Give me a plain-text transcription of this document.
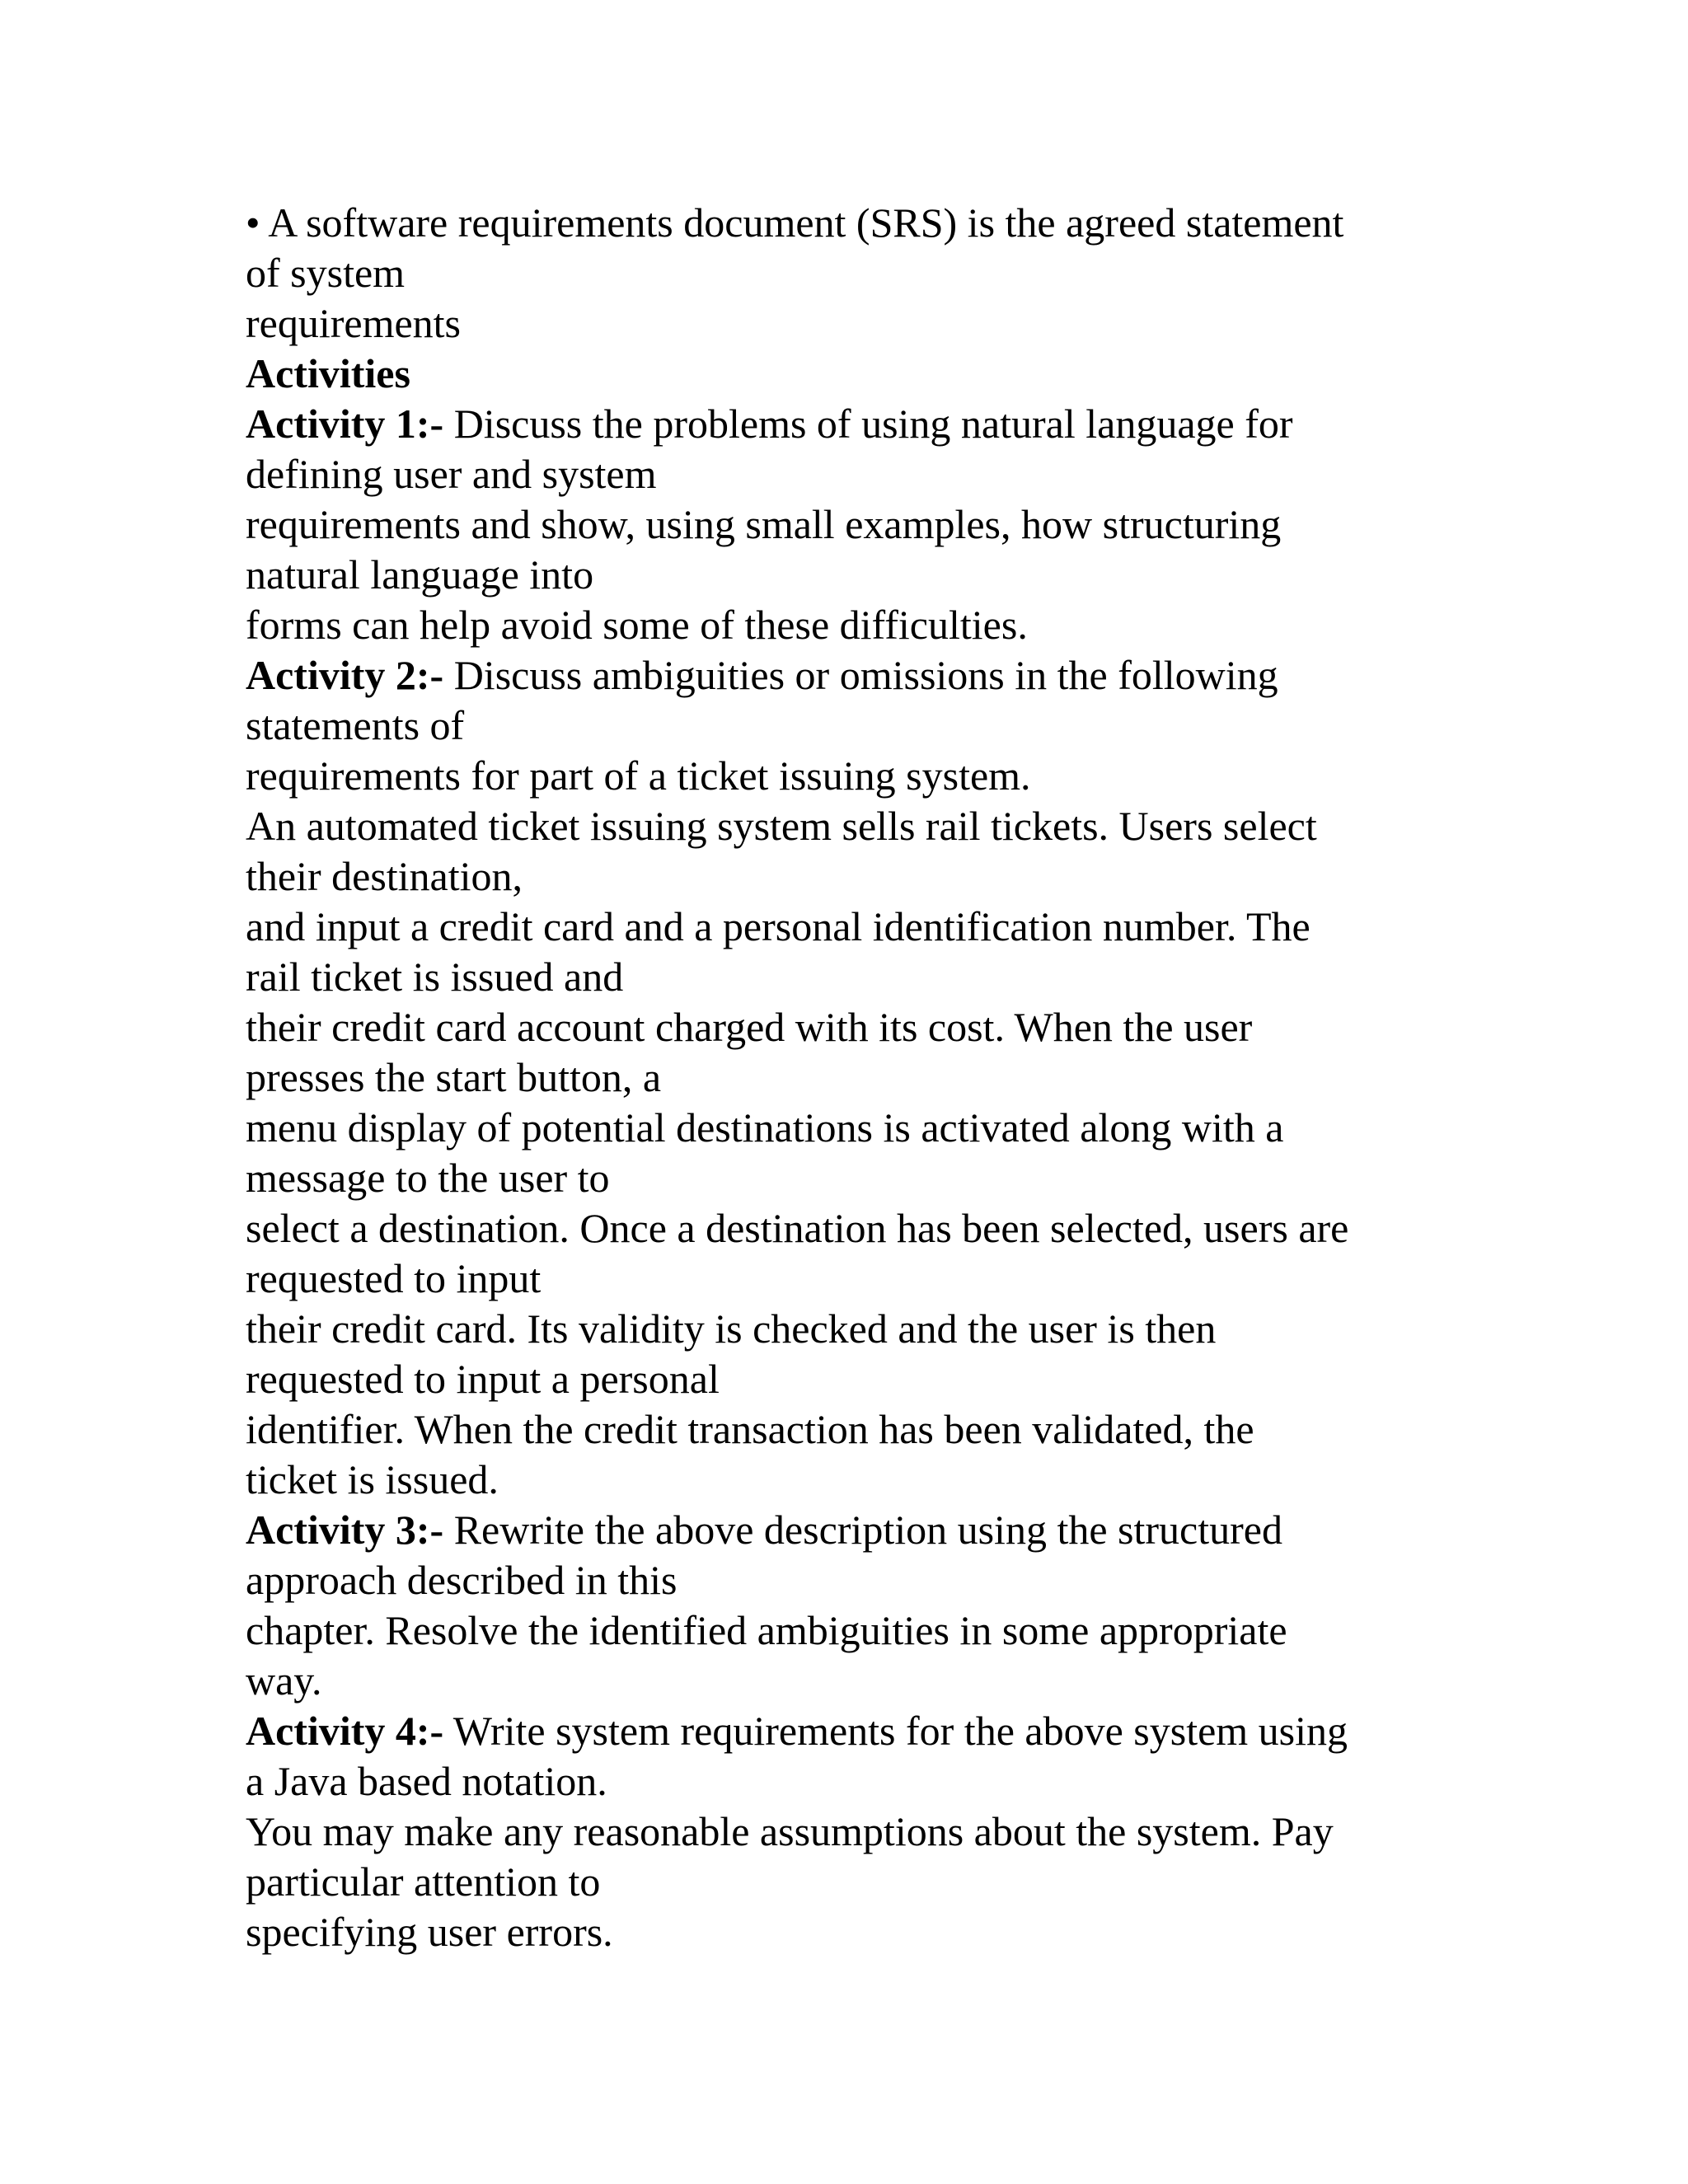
• A software requirements document (SRS) is the agreed statement
of system
requirements
Activities
Activity 1:- Discuss the problems of using natural language for
defining user and system
requirements and show, using small examples, how structuring
natural language into
forms can help avoid some of these difficulties.
Activity 2:- Discuss ambiguities or omissions in the following
statements of
requirements for part of a ticket issuing system.
An automated ticket issuing system sells rail tickets. Users select
their destination,
and input a credit card and a personal identification number. The
rail ticket is issued and
their credit card account charged with its cost. When the user
presses the start button, a
menu display of potential destinations is activated along with a
message to the user to
select a destination. Once a destination has been selected, users are
requested to input
their credit card. Its validity is checked and the user is then
requested to input a personal
identifier. When the credit transaction has been validated, the
ticket is issued.
Activity 3:- Rewrite the above description using the structured
approach described in this
chapter. Resolve the identified ambiguities in some appropriate
way.
Activity 4:- Write system requirements for the above system using
a Java based notation.
You may make any reasonable assumptions about the system. Pay
particular attention to
specifying user errors.
